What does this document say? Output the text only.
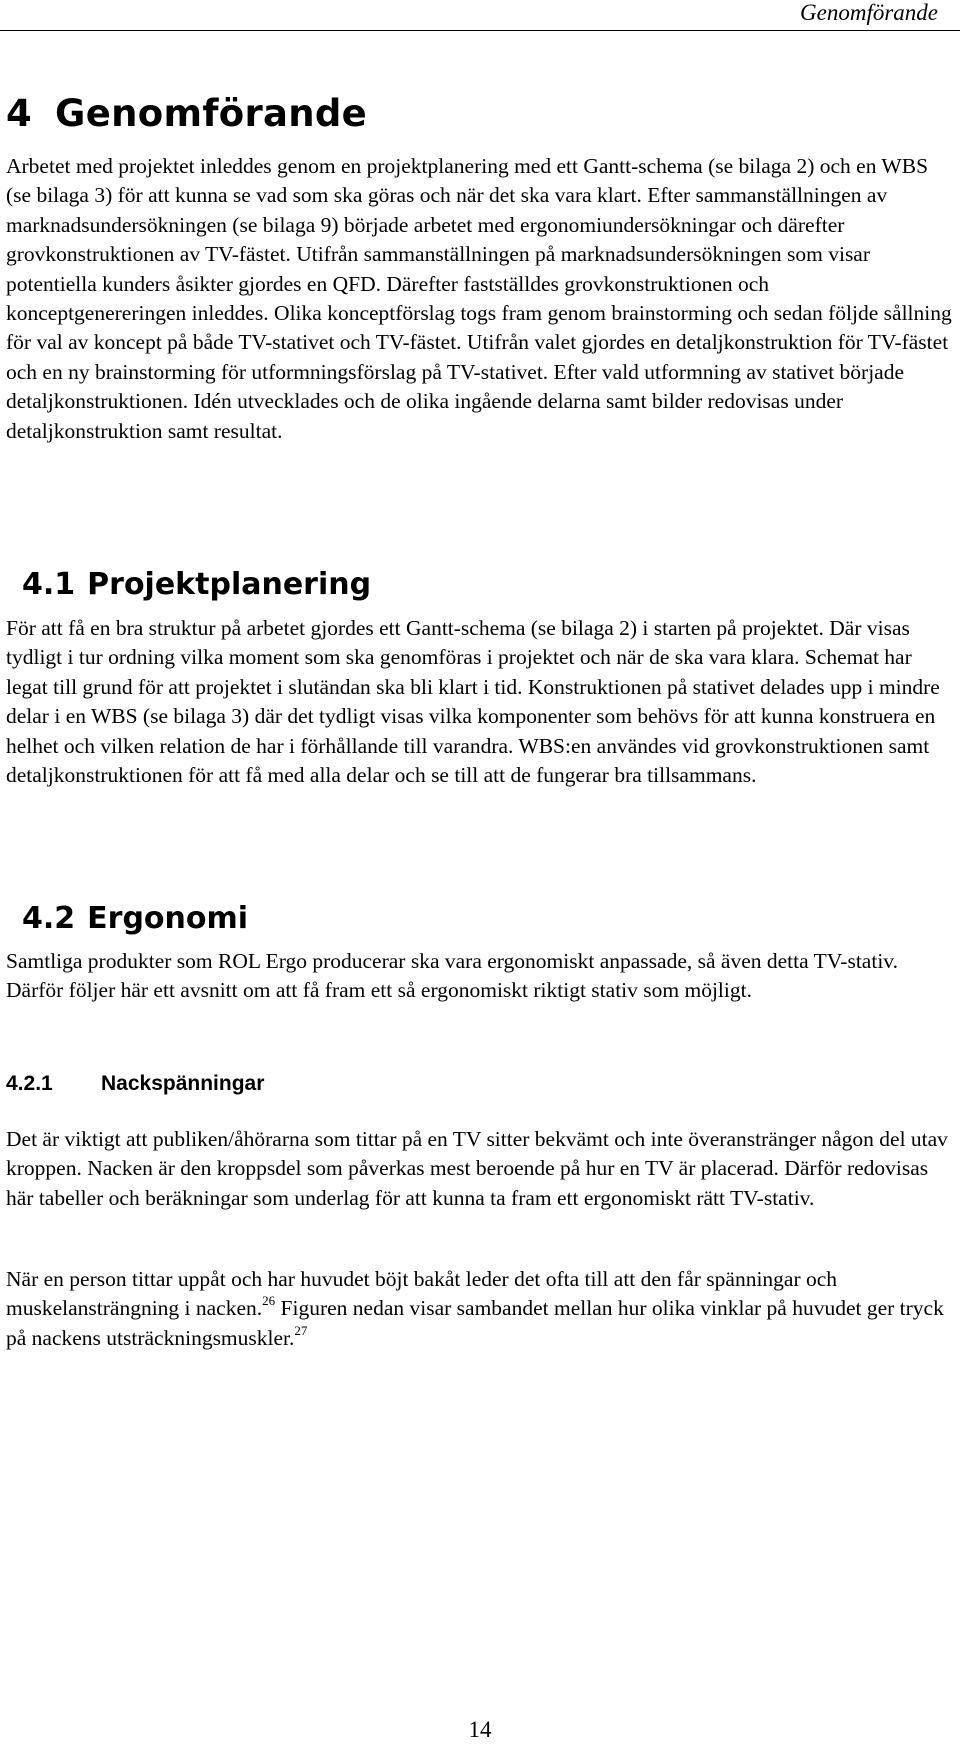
Genomförande
4 Genomförande

Arbetet med projektet inleddes genom en projektplanering med ett Gantt-schema (se bilaga 2) och en WBS (se bilaga 3) för att kunna se vad som ska göras och när det ska vara klart. Efter sammanställningen av marknadsundersökningen (se bilaga 9) började arbetet med ergonomiundersökningar och därefter grovkonstruktionen av TV-fästet. Utifrån sammanställningen på marknadsundersökningen som visar potentiella kunders åsikter gjordes en QFD. Därefter fastställdes grovkonstruktionen och konceptgenereringen inleddes. Olika konceptförslag togs fram genom brainstorming och sedan följde sållning för val av koncept på både TV-stativet och TV-fästet. Utifrån valet gjordes en detaljkonstruktion för TV-fästet och en ny brainstorming för utformningsförslag på TV-stativet. Efter vald utformning av stativet började detaljkonstruktionen. Idén utvecklades och de olika ingående delarna samt bilder redovisas under detaljkonstruktion samt resultat.

4.1 Projektplanering

För att få en bra struktur på arbetet gjordes ett Gantt-schema (se bilaga 2) i starten på projektet. Där visas tydligt i tur ordning vilka moment som ska genomföras i projektet och när de ska vara klara. Schemat har legat till grund för att projektet i slutändan ska bli klart i tid. Konstruktionen på stativet delades upp i mindre delar i en WBS (se bilaga 3) där det tydligt visas vilka komponenter som behövs för att kunna konstruera en helhet och vilken relation de har i förhållande till varandra. WBS:en användes vid grovkonstruktionen samt detaljkonstruktionen för att få med alla delar och se till att de fungerar bra tillsammans.

4.2 Ergonomi

Samtliga produkter som ROL Ergo producerar ska vara ergonomiskt anpassade, så även detta TV-stativ. Därför följer här ett avsnitt om att få fram ett så ergonomiskt riktigt stativ som möjligt.

4.2.1 Nackspänningar

Det är viktigt att publiken/åhörarna som tittar på en TV sitter bekvämt och inte överanstränger någon del utav kroppen. Nacken är den kroppsdel som påverkas mest beroende på hur en TV är placerad. Därför redovisas här tabeller och beräkningar som underlag för att kunna ta fram ett ergonomiskt rätt TV-stativ.

När en person tittar uppåt och har huvudet böjt bakåt leder det ofta till att den får spänningar och muskelansträngning i nacken.$^{26}$ Figuren nedan visar sambandet mellan hur olika vinklar på huvudet ger tryck på nackens utsträckningsmuskler.$^{27}$

14
